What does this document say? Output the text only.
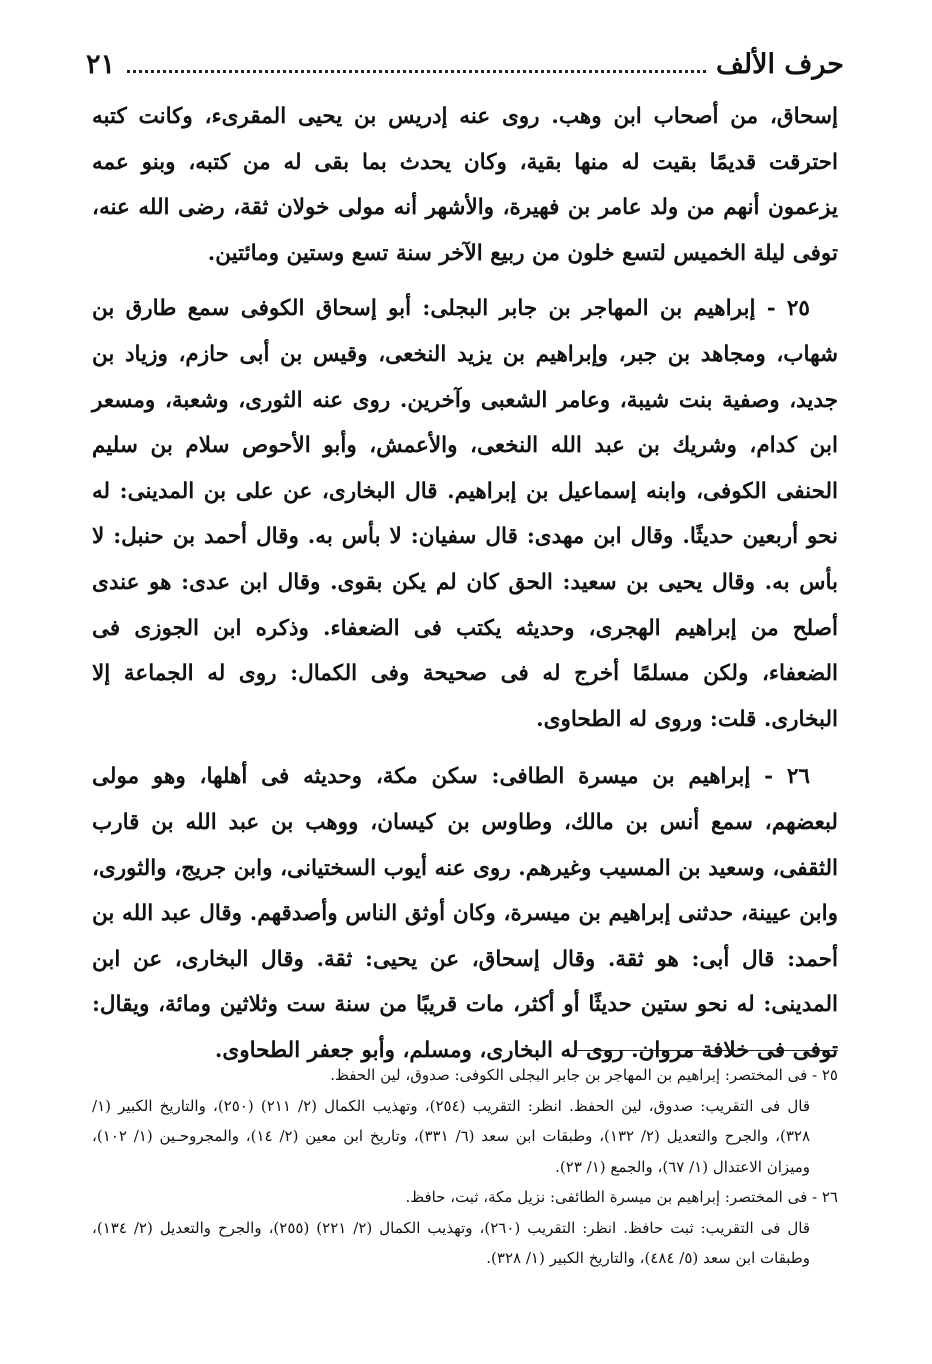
حرف الألف
٢١

إسحاق، من أصحاب ابن وهب. روى عنه إدريس بن يحيى المقرىء، وكانت كتبه احترقت قديمًا بقيت له منها بقية، وكان يحدث بما بقى له من كتبه، وبنو عمه يزعمون أنهم من ولد عامر بن فهيرة، والأشهر أنه مولى خولان ثقة، رضى الله عنه، توفى ليلة الخميس لتسع خلون من ربيع الآخر سنة تسع وستين ومائتين.

٢٥ - إبراهيم بن المهاجر بن جابر البجلى: أبو إسحاق الكوفى سمع طارق بن شهاب، ومجاهد بن جبر، وإبراهيم بن يزيد النخعى، وقيس بن أبى حازم، وزياد بن جديد، وصفية بنت شيبة، وعامر الشعبى وآخرين. روى عنه الثورى، وشعبة، ومسعر ابن كدام، وشريك بن عبد الله النخعى، والأعمش، وأبو الأحوص سلام بن سليم الحنفى الكوفى، وابنه إسماعيل بن إبراهيم. قال البخارى، عن على بن المدينى: له نحو أربعين حديثًا. وقال ابن مهدى: قال سفيان: لا بأس به. وقال أحمد بن حنبل: لا بأس به. وقال يحيى بن سعيد: الحق كان لم يكن بقوى. وقال ابن عدى: هو عندى أصلح من إبراهيم الهجرى، وحديثه يكتب فى الضعفاء. وذكره ابن الجوزى فى الضعفاء، ولكن مسلمًا أخرج له فى صحيحة وفى الكمال: روى له الجماعة إلا البخارى. قلت: وروى له الطحاوى.

٢٦ - إبراهيم بن ميسرة الطافى: سكن مكة، وحديثه فى أهلها، وهو مولى لبعضهم، سمع أنس بن مالك، وطاوس بن كيسان، ووهب بن عبد الله بن قارب الثقفى، وسعيد بن المسيب وغيرهم. روى عنه أيوب السختيانى، وابن جريج، والثورى، وابن عيينة، حدثنى إبراهيم بن ميسرة، وكان أوثق الناس وأصدقهم. وقال عبد الله بن أحمد: قال أبى: هو ثقة. وقال إسحاق، عن يحيى: ثقة. وقال البخارى، عن ابن المدينى: له نحو ستين حديثًا أو أكثر، مات قريبًا من سنة ست وثلاثين ومائة، ويقال: توفى فى خلافة مروان. روى له البخارى، ومسلم، وأبو جعفر الطحاوى.

٢٥ - فى المختصر: إبراهيم بن المهاجر بن جابر البجلى الكوفى: صدوق، لين الحفظ.

قال فى التقريب: صدوق، لين الحفظ. انظر: التقريب (٢٥٤)، وتهذيب الكمال (٢/ ٢١١) (٢٥٠)، والتاريخ الكبير (١/ ٣٢٨)، والجرح والتعديل (٢/ ١٣٢)، وطبقات ابن سعد (٦/ ٣٣١)، وتاريخ ابن معين (٢/ ١٤)، والمجروحـين (١/ ١٠٢)، وميزان الاعتدال (١/ ٦٧)، والجمع (١/ ٢٣).

٢٦ - فى المختصر: إبراهيم بن ميسرة الطائفى: نزيل مكة، ثبت، حافظ.

قال فى التقريب: ثبت حافظ. انظر: التقريب (٢٦٠)، وتهذيب الكمال (٢/ ٢٢١) (٢٥٥)، والجرح والتعديل (٢/ ١٣٤)، وطبقات ابن سعد (٥/ ٤٨٤)، والتاريخ الكبير (١/ ٣٢٨).
